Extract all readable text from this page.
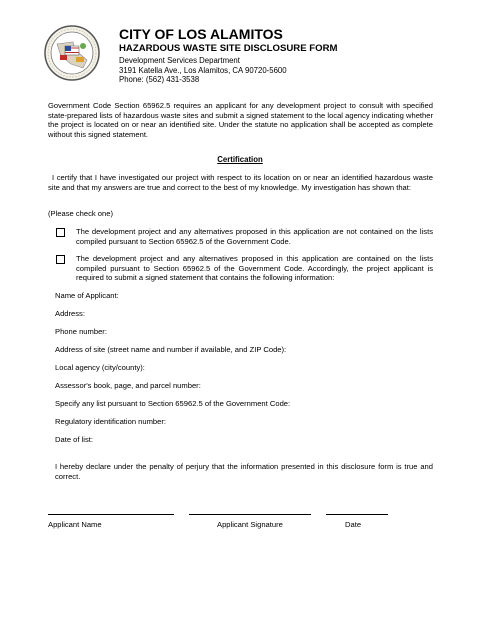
CITY OF LOS ALAMITOS
HAZARDOUS WASTE SITE DISCLOSURE FORM
Development Services Department
3191 Katella Ave., Los Alamitos, CA 90720-5600
Phone: (562) 431-3538
Government Code Section 65962.5 requires an applicant for any development project to consult with specified state-prepared lists of hazardous waste sites and submit a signed statement to the local agency indicating whether the project is located on or near an identified site. Under the statute no application shall be accepted as complete without this signed statement.
Certification
I certify that I have investigated our project with respect to its location on or near an identified hazardous waste site and that my answers are true and correct to the best of my knowledge. My investigation has shown that:
(Please check one)
The development project and any alternatives proposed in this application are not contained on the lists compiled pursuant to Section 65962.5 of the Government Code.
The development project and any alternatives proposed in this application are contained on the lists compiled pursuant to Section 65962.5 of the Government Code. Accordingly, the project applicant is required to submit a signed statement that contains the following information:
Name of Applicant:
Address:
Phone number:
Address of site (street name and number if available, and ZIP Code):
Local agency (city/county):
Assessor's book, page, and parcel number:
Specify any list pursuant to Section 65962.5 of the Government Code:
Regulatory identification number:
Date of list:
I hereby declare under the penalty of perjury that the information presented in this disclosure form is true and correct.
Applicant Name	Applicant Signature	Date
